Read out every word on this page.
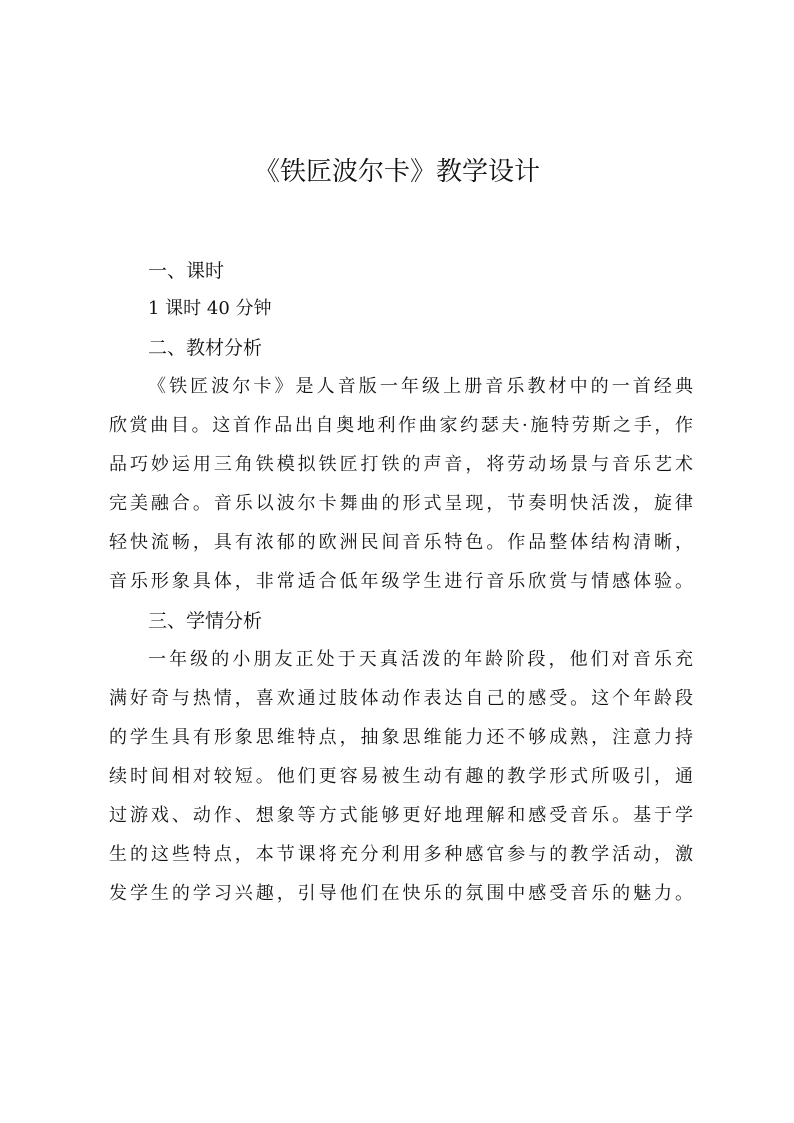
《铁匠波尔卡》教学设计
一、课时
1 课时 40 分钟
二、教材分析
《铁匠波尔卡》是人音版一年级上册音乐教材中的一首经典
欣赏曲目。这首作品出自奥地利作曲家约瑟夫·施特劳斯之手，作
品巧妙运用三角铁模拟铁匠打铁的声音，将劳动场景与音乐艺术
完美融合。音乐以波尔卡舞曲的形式呈现，节奏明快活泼，旋律
轻快流畅，具有浓郁的欧洲民间音乐特色。作品整体结构清晰，
音乐形象具体，非常适合低年级学生进行音乐欣赏与情感体验。
三、学情分析
一年级的小朋友正处于天真活泼的年龄阶段，他们对音乐充
满好奇与热情，喜欢通过肢体动作表达自己的感受。这个年龄段
的学生具有形象思维特点，抽象思维能力还不够成熟，注意力持
续时间相对较短。他们更容易被生动有趣的教学形式所吸引，通
过游戏、动作、想象等方式能够更好地理解和感受音乐。基于学
生的这些特点，本节课将充分利用多种感官参与的教学活动，激
发学生的学习兴趣，引导他们在快乐的氛围中感受音乐的魅力。
